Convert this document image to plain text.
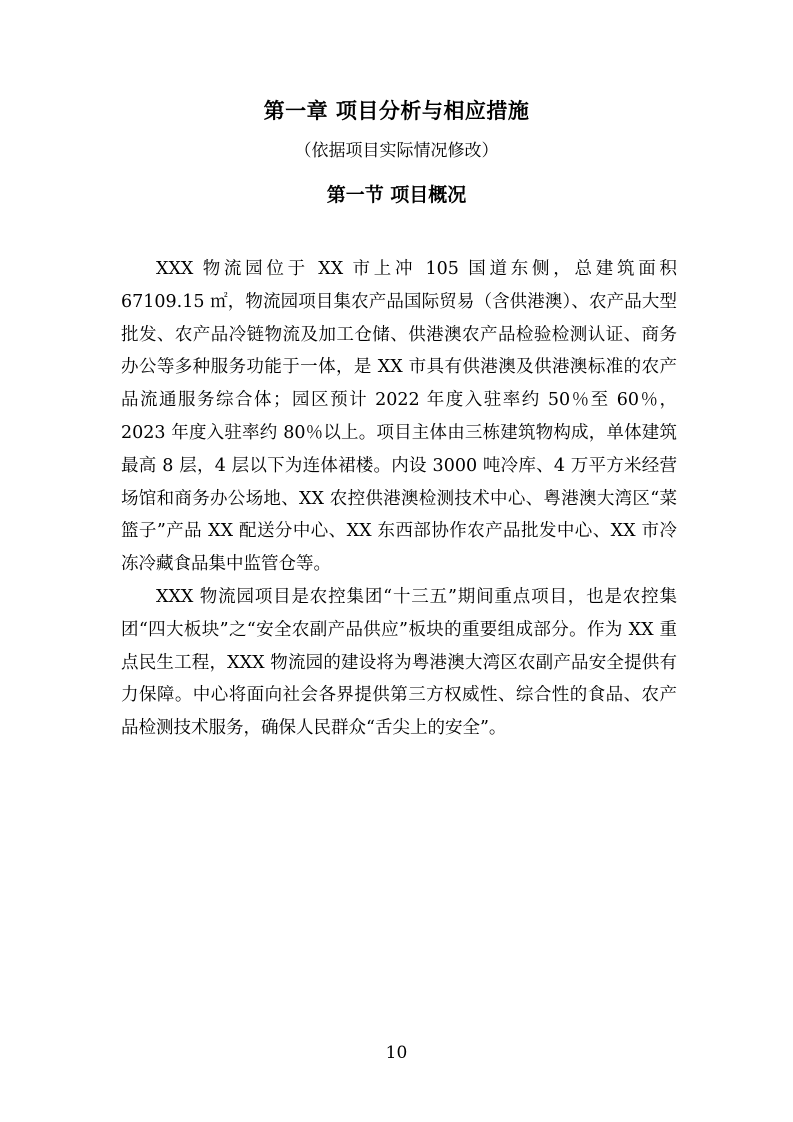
第一章 项目分析与相应措施
（依据项目实际情况修改）
第一节 项目概况

XXX 物流园位于 XX 市上冲 105 国道东侧，总建筑面积 67109.15 ㎡，物流园项目集农产品国际贸易（含供港澳）、农产品大型批发、农产品冷链物流及加工仓储、供港澳农产品检验检测认证、商务办公等多种服务功能于一体，是 XX 市具有供港澳及供港澳标准的农产品流通服务综合体；园区预计 2022 年度入驻率约 50％至 60％，2023 年度入驻率约 80％以上。项目主体由三栋建筑物构成，单体建筑最高 8 层，4 层以下为连体裙楼。内设 3000 吨冷库、4 万平方米经营场馆和商务办公场地、XX 农控供港澳检测技术中心、粤港澳大湾区“菜篮子”产品 XX 配送分中心、XX 东西部协作农产品批发中心、XX 市冷冻冷藏食品集中监管仓等。

XXX 物流园项目是农控集团“十三五”期间重点项目，也是农控集团“四大板块”之“安全农副产品供应”板块的重要组成部分。作为 XX 重点民生工程，XXX 物流园的建设将为粤港澳大湾区农副产品安全提供有力保障。中心将面向社会各界提供第三方权威性、综合性的食品、农产品检测技术服务，确保人民群众“舌尖上的安全”。

10
